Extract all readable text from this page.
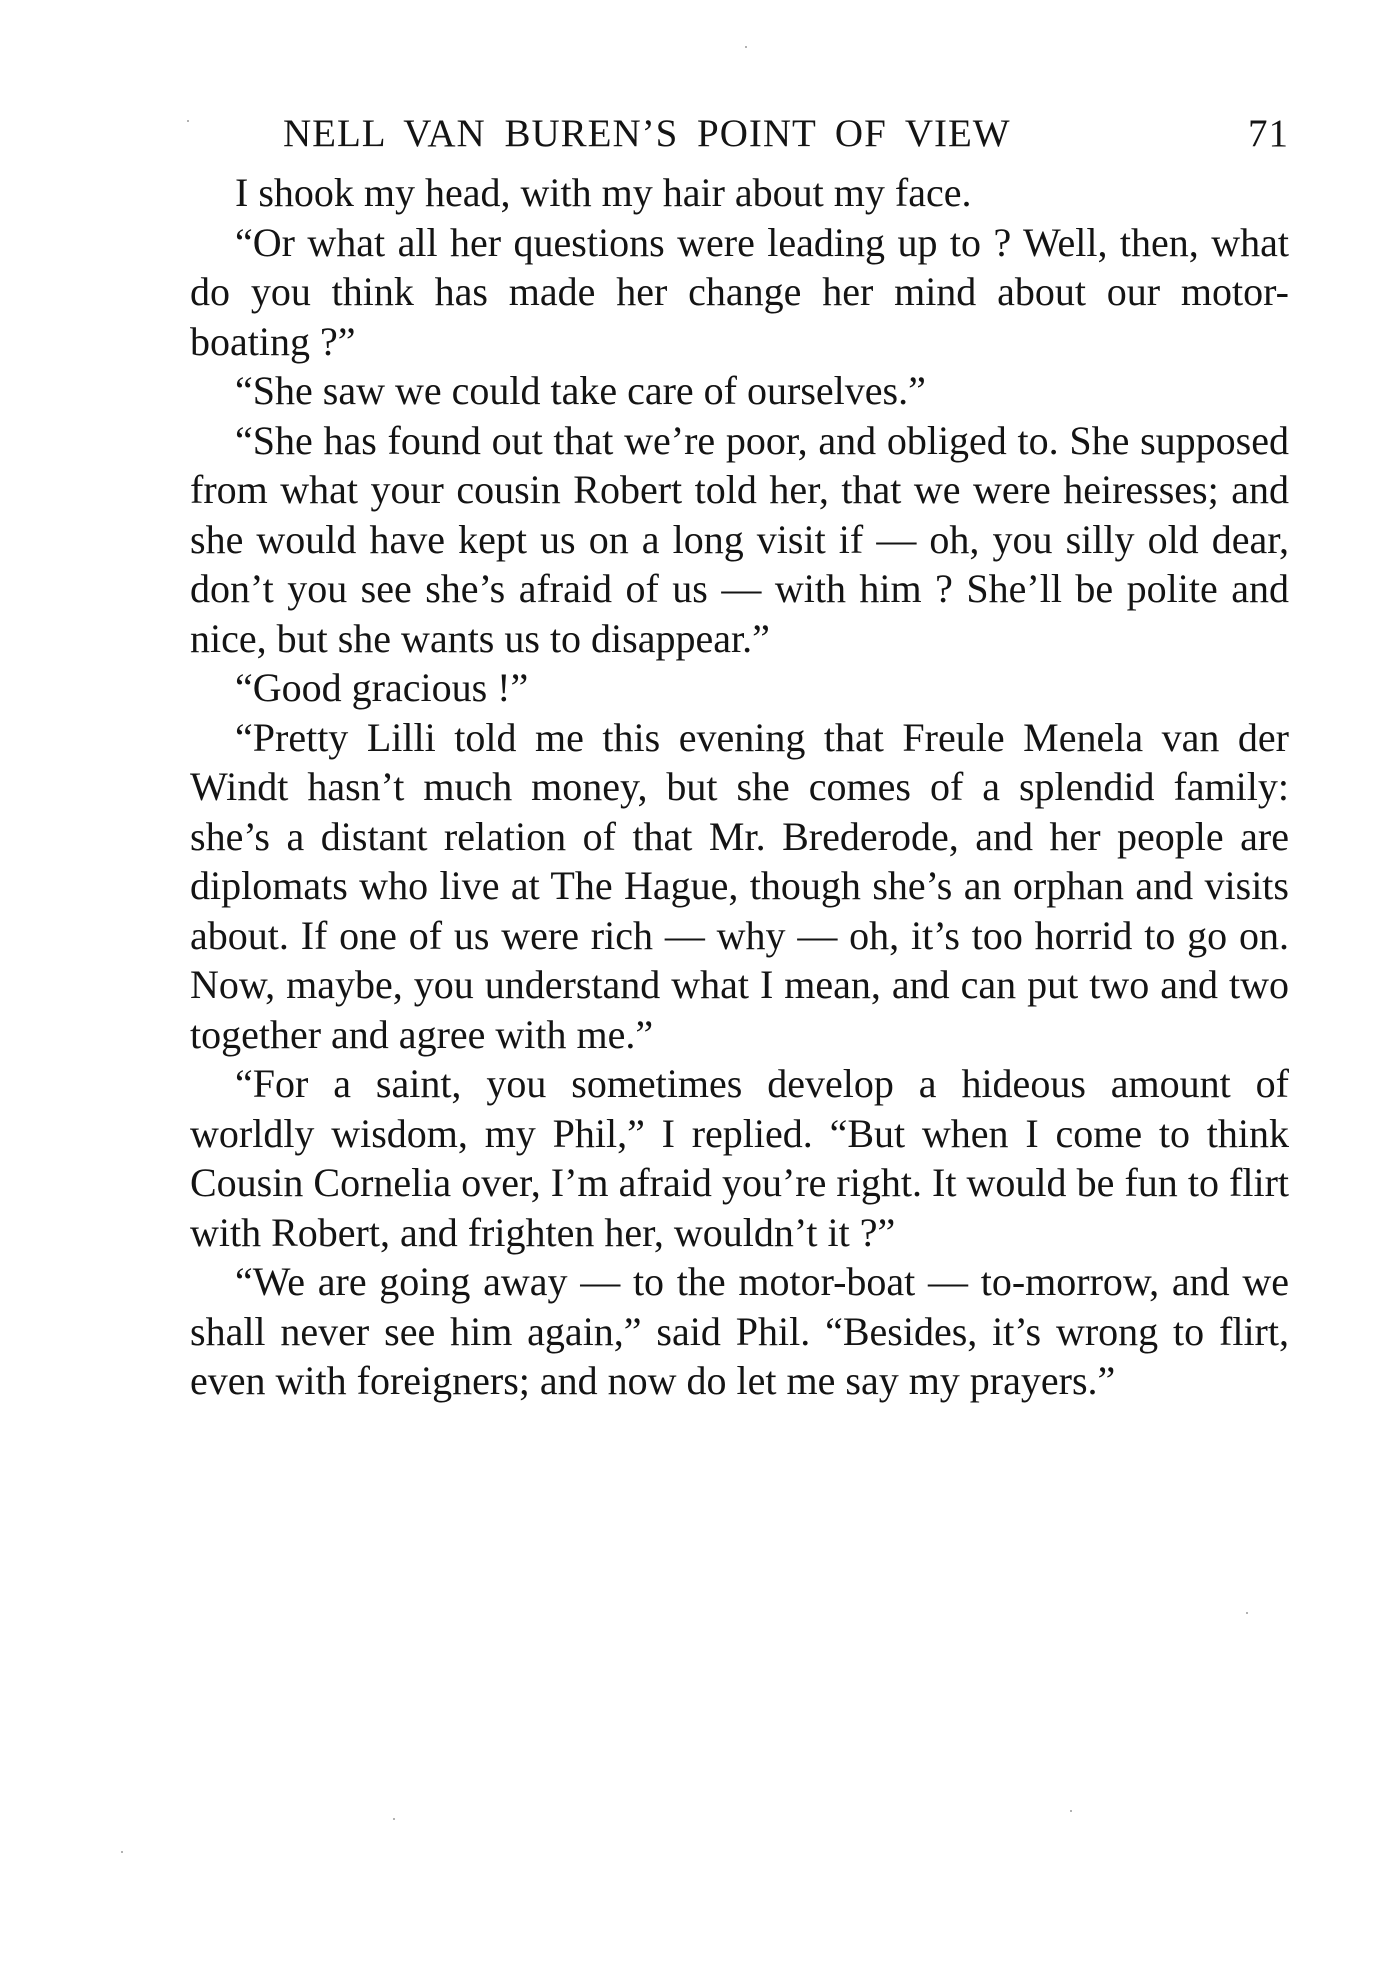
NELL VAN BUREN’S POINT OF VIEW	71

I shook my head, with my hair about my face.

“Or what all her questions were leading up to ? Well, then, what do you think has made her change her mind about our motor-boating ?”

“She saw we could take care of ourselves.”

“She has found out that we’re poor, and obliged to. She supposed from what your cousin Robert told her, that we were heiresses; and she would have kept us on a long visit if — oh, you silly old dear, don’t you see she’s afraid of us — with him ? She’ll be polite and nice, but she wants us to disappear.”

“Good gracious !”

“Pretty Lilli told me this evening that Freule Menela van der Windt hasn’t much money, but she comes of a splendid family: she’s a distant relation of that Mr. Brederode, and her people are diplomats who live at The Hague, though she’s an orphan and visits about. If one of us were rich — why — oh, it’s too horrid to go on. Now, maybe, you understand what I mean, and can put two and two together and agree with me.”

“For a saint, you sometimes develop a hideous amount of worldly wisdom, my Phil,” I replied. “But when I come to think Cousin Cornelia over, I’m afraid you’re right. It would be fun to flirt with Robert, and frighten her, wouldn’t it ?”

“We are going away — to the motor-boat — to-morrow, and we shall never see him again,” said Phil. “Besides, it’s wrong to flirt, even with foreigners; and now do let me say my prayers.”
